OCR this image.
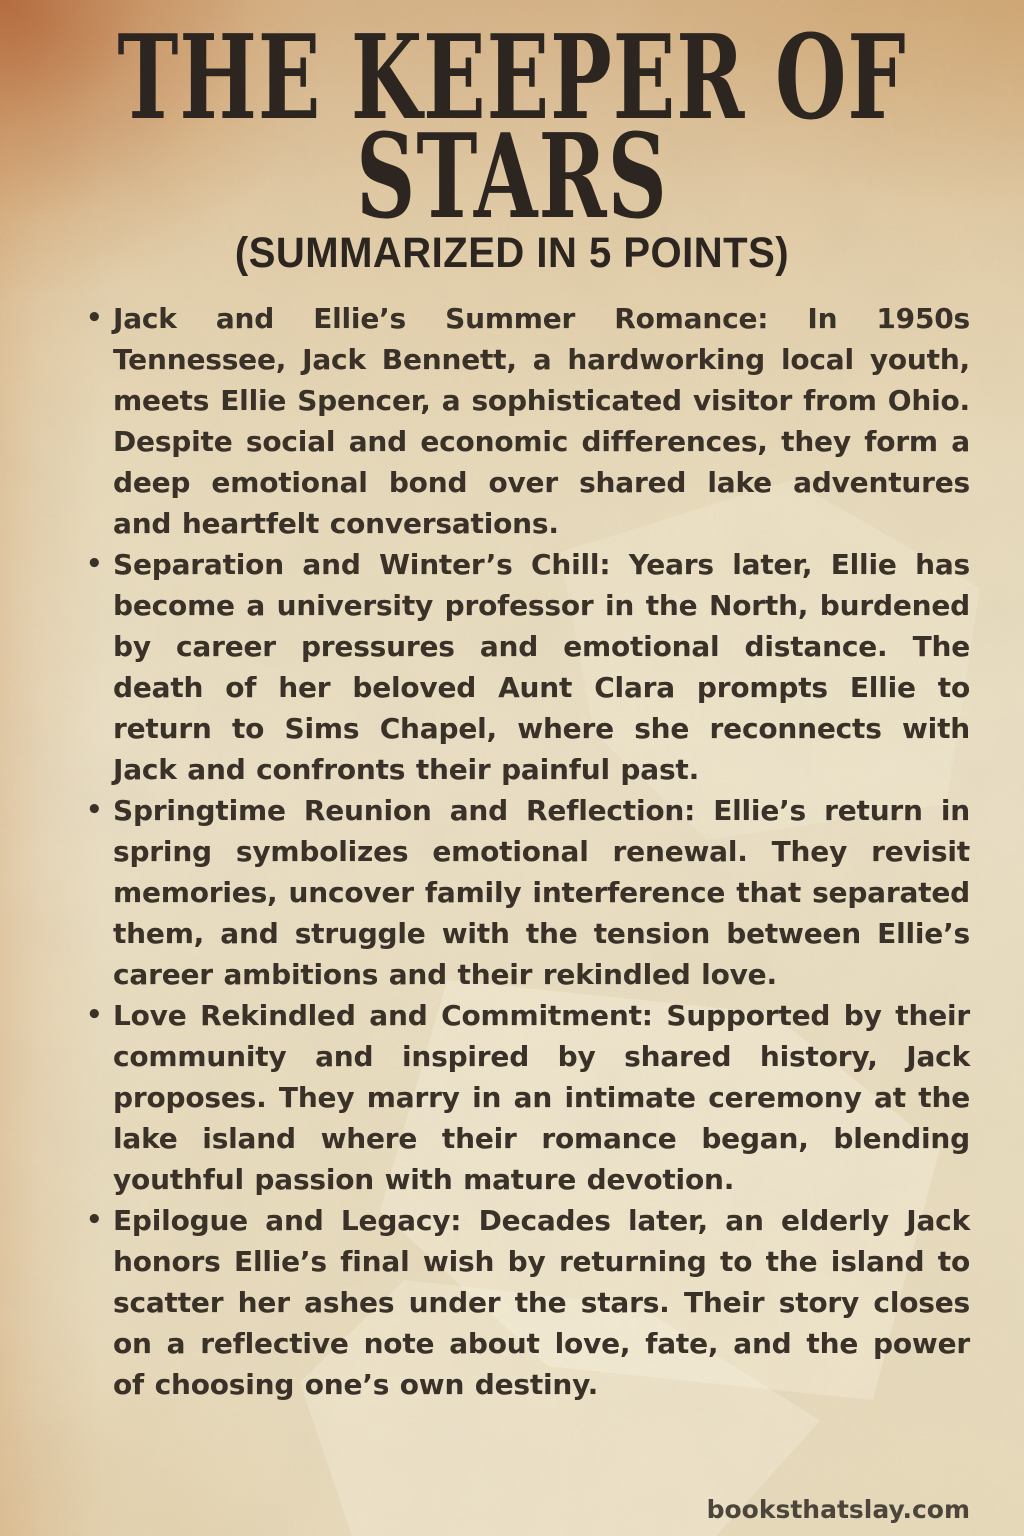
THE KEEPER OF STARS
(SUMMARIZED IN 5 POINTS)
• Jack and Ellie’s Summer Romance: In 1950s Tennessee, Jack Bennett, a hardworking local youth, meets Ellie Spencer, a sophisticated visitor from Ohio. Despite social and economic differences, they form a deep emotional bond over shared lake adventures and heartfelt conversations.
• Separation and Winter’s Chill: Years later, Ellie has become a university professor in the North, burdened by career pressures and emotional distance. The death of her beloved Aunt Clara prompts Ellie to return to Sims Chapel, where she reconnects with Jack and confronts their painful past.
• Springtime Reunion and Reflection: Ellie’s return in spring symbolizes emotional renewal. They revisit memories, uncover family interference that separated them, and struggle with the tension between Ellie’s career ambitions and their rekindled love.
• Love Rekindled and Commitment: Supported by their community and inspired by shared history, Jack proposes. They marry in an intimate ceremony at the lake island where their romance began, blending youthful passion with mature devotion.
• Epilogue and Legacy: Decades later, an elderly Jack honors Ellie’s final wish by returning to the island to scatter her ashes under the stars. Their story closes on a reflective note about love, fate, and the power of choosing one’s own destiny.
booksthatslay.com
